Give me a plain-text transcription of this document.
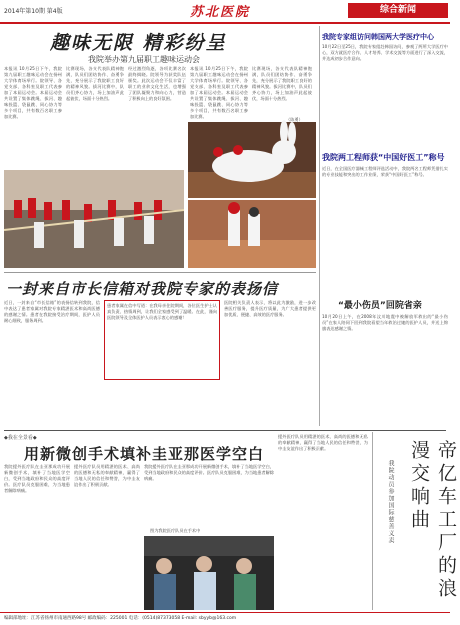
2014年第10期 第4版	苏北医院	综合新闻
趣味无限 精彩纷呈
我院举办第九届职工趣味运动会
本报讯 10月25日下午，我院第九届职工趣味运动会在扬州大学体育场举行。院领导、各党支部、各科室及职工代表参加了本届运动会。本届运动会共设置了集体跳绳、拔河、趣味投篮、袋鼠跳、同心协力等多个项目，共有数百名职工参加比赛。
比赛现场，各支代表队精神饱满，队员们团结协作、奋勇争先，充分展示了我院职工良好的精神风貌。拔河比赛中，队员们齐心协力，场上加油声此起彼伏，场面十分热烈。
经过激烈角逐，各项比赛名次最终揭晓。院领导为获奖队伍颁奖。此次运动会不仅丰富了职工的业余文化生活，也增强了团队凝聚力和向心力，营造了积极向上的良好氛围。
本报讯 10月25日下午，我院第九届职工趣味运动会在扬州大学体育场举行。院领导、各党支部、各科室及职工代表参加了本届运动会。本届运动会共设置了集体跳绳、拔河、趣味投篮、袋鼠跳、同心协力等多个项目，共有数百名职工参加比赛。
比赛现场，各支代表队精神饱满，队员们团结协作、奋勇争先，充分展示了我院职工良好的精神风貌。拔河比赛中，队员们齐心协力，场上加油声此起彼伏，场面十分热烈。
（陈勇）
我院专家组访问韩国两大学医疗中心
10月22日至25日，我院专家组赴韩国访问，参观了两所大学医疗中心，双方就医疗合作、人才培养、学术交流等方面进行了深入交流，并达成初步合作意向。
我院两工程师获“中国好医工”称号
近日，在全国医疗器械工程师评选活动中，我院两名工程师凭借扎实的专业技能和突出的工作业绩，荣获“中国好医工”称号。
“最小伤员”回院省亲
10月20日上午，在2008年汶川地震中被解放军救出的“最小伤员”在家人陪同下回到我院看望当年救治过她的医护人员，并送上锦旗表达感谢之情。
一封来自市长信箱对我院专家的表扬信
近日，一封来自“市长信箱”的表扬信转到我院，信中表达了患者家属对我院专家精湛医术和高尚医德的感谢之情。患者在我院接受治疗期间，医护人员耐心细致，服务周到。
患者家属在信中写道：在我母亲住院期间，各位医生护士认真负责、热情周到，让我们全家感受到了温暖。在此，谨向医院领导及全体医护人员表示衷心的感谢！
医院相关负责人表示，将以此为激励，进一步改善医疗服务，提升医疗质量，为广大患者提供更加优质、便捷、高效的医疗服务。
◆我在全景看◆
用新微创手术填补圭亚那医学空白
我院援外医疗队在圭亚那成功开展新微创手术，填补了当地医学空白，受到当地政府和民众的高度评价。医疗队员克服困难，为当地患者解除病痛。
援外医疗队员用精湛的医术、高尚的医德和无私的奉献精神，赢得了当地人民的信任和赞誉，为中圭友谊作出了积极贡献。
我院援外医疗队在圭亚那成功开展新微创手术，填补了当地医学空白，受到当地政府和民众的高度评价。医疗队员克服困难，为当地患者解除病痛。
图为我院医疗队员在手术中
援外医疗队员用精湛的医术、高尚的医德和无私的奉献精神，赢得了当地人民的信任和赞誉，为中圭友谊作出了积极贡献。	帝亿车工厂的浪漫交响曲
我院动员参加国际慈善义卖
编辑部地址：江苏省扬州市南通西路98号 邮政编码：225001 电话：(0514)87373058 E-mail: sbyyb@163.com
